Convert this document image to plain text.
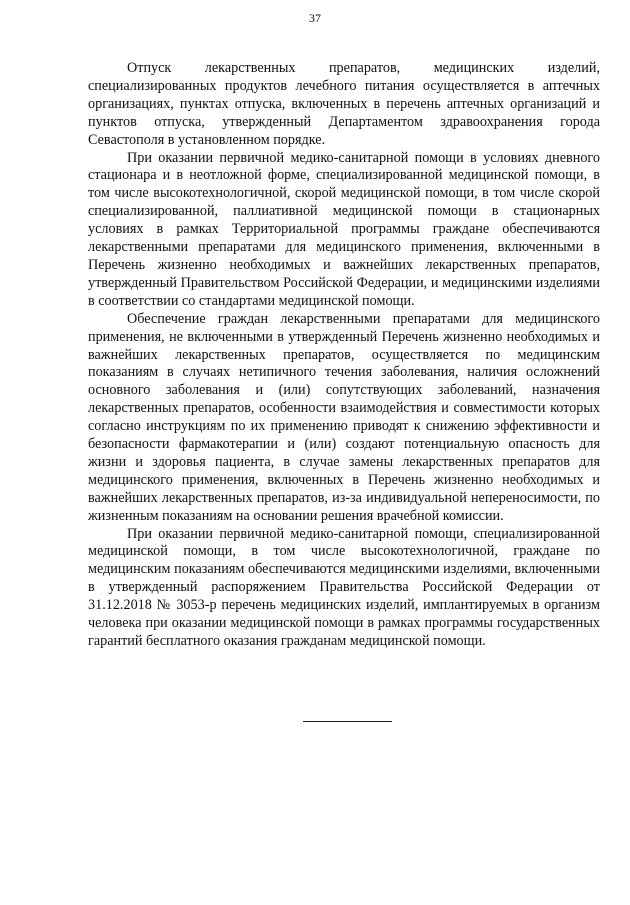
37

Отпуск лекарственных препаратов, медицинских изделий, специализированных продуктов лечебного питания осуществляется в аптечных организациях, пунктах отпуска, включенных в перечень аптечных организаций и пунктов отпуска, утвержденный Департаментом здравоохранения города Севастополя в установленном порядке.

При оказании первичной медико-санитарной помощи в условиях дневного стационара и в неотложной форме, специализированной медицинской помощи, в том числе высокотехнологичной, скорой медицинской помощи, в том числе скорой специализированной, паллиативной медицинской помощи в стационарных условиях в рамках Территориальной программы граждане обеспечиваются лекарственными препаратами для медицинского применения, включенными в Перечень жизненно необходимых и важнейших лекарственных препаратов, утвержденный Правительством Российской Федерации, и медицинскими изделиями в соответствии со стандартами медицинской помощи.

Обеспечение граждан лекарственными препаратами для медицинского применения, не включенными в утвержденный Перечень жизненно необходимых и важнейших лекарственных препаратов, осуществляется по медицинским показаниям в случаях нетипичного течения заболевания, наличия осложнений основного заболевания и (или) сопутствующих заболеваний, назначения лекарственных препаратов, особенности взаимодействия и совместимости которых согласно инструкциям по их применению приводят к снижению эффективности и безопасности фармакотерапии и (или) создают потенциальную опасность для жизни и здоровья пациента, в случае замены лекарственных препаратов для медицинского применения, включенных в Перечень жизненно необходимых и важнейших лекарственных препаратов, из-за индивидуальной непереносимости, по жизненным показаниям на основании решения врачебной комиссии.

При оказании первичной медико-санитарной помощи, специализированной медицинской помощи, в том числе высокотехнологичной, граждане по медицинским показаниям обеспечиваются медицинскими изделиями, включенными в утвержденный распоряжением Правительства Российской Федерации от 31.12.2018 № 3053-р перечень медицинских изделий, имплантируемых в организм человека при оказании медицинской помощи в рамках программы государственных гарантий бесплатного оказания гражданам медицинской помощи.
